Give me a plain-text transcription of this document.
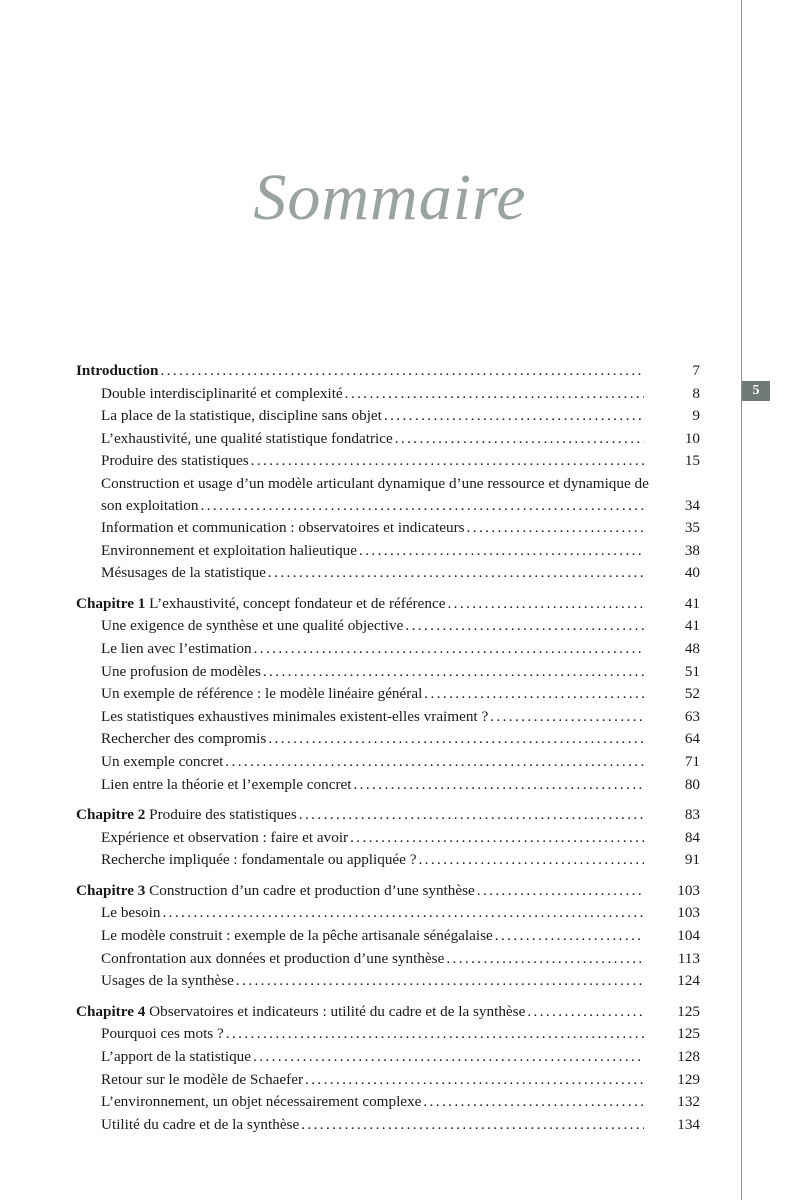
5
Sommaire
Introduction .....	7
Double interdisciplinarité et complexité .....	8
La place de la statistique, discipline sans objet .....	9
L’exhaustivité, une qualité statistique fondatrice .....	10
Produire des statistiques .....	15
Construction et usage d’un modèle articulant dynamique d’une ressource et dynamique de
son exploitation .....	34
Information et communication : observatoires et indicateurs .....	35
Environnement et exploitation halieutique .....	38
Mésusages de la statistique .....	40
Chapitre 1 L’exhaustivité, concept fondateur et de référence .....	41
Une exigence de synthèse et une qualité objective .....	41
Le lien avec l’estimation .....	48
Une profusion de modèles .....	51
Un exemple de référence : le modèle linéaire général .....	52
Les statistiques exhaustives minimales existent-elles vraiment ? .....	63
Rechercher des compromis .....	64
Un exemple concret .....	71
Lien entre la théorie et l’exemple concret .....	80
Chapitre 2 Produire des statistiques .....	83
Expérience et observation : faire et avoir .....	84
Recherche impliquée : fondamentale ou appliquée ? .....	91
Chapitre 3 Construction d’un cadre et production d’une synthèse .....	103
Le besoin .....	103
Le modèle construit : exemple de la pêche artisanale sénégalaise .....	104
Confrontation aux données et production d’une synthèse .....	113
Usages de la synthèse .....	124
Chapitre 4 Observatoires et indicateurs : utilité du cadre et de la synthèse .....	125
Pourquoi ces mots ? .....	125
L’apport de la statistique .....	128
Retour sur le modèle de Schaefer .....	129
L’environnement, un objet nécessairement complexe .....	132
Utilité du cadre et de la synthèse .....	134
